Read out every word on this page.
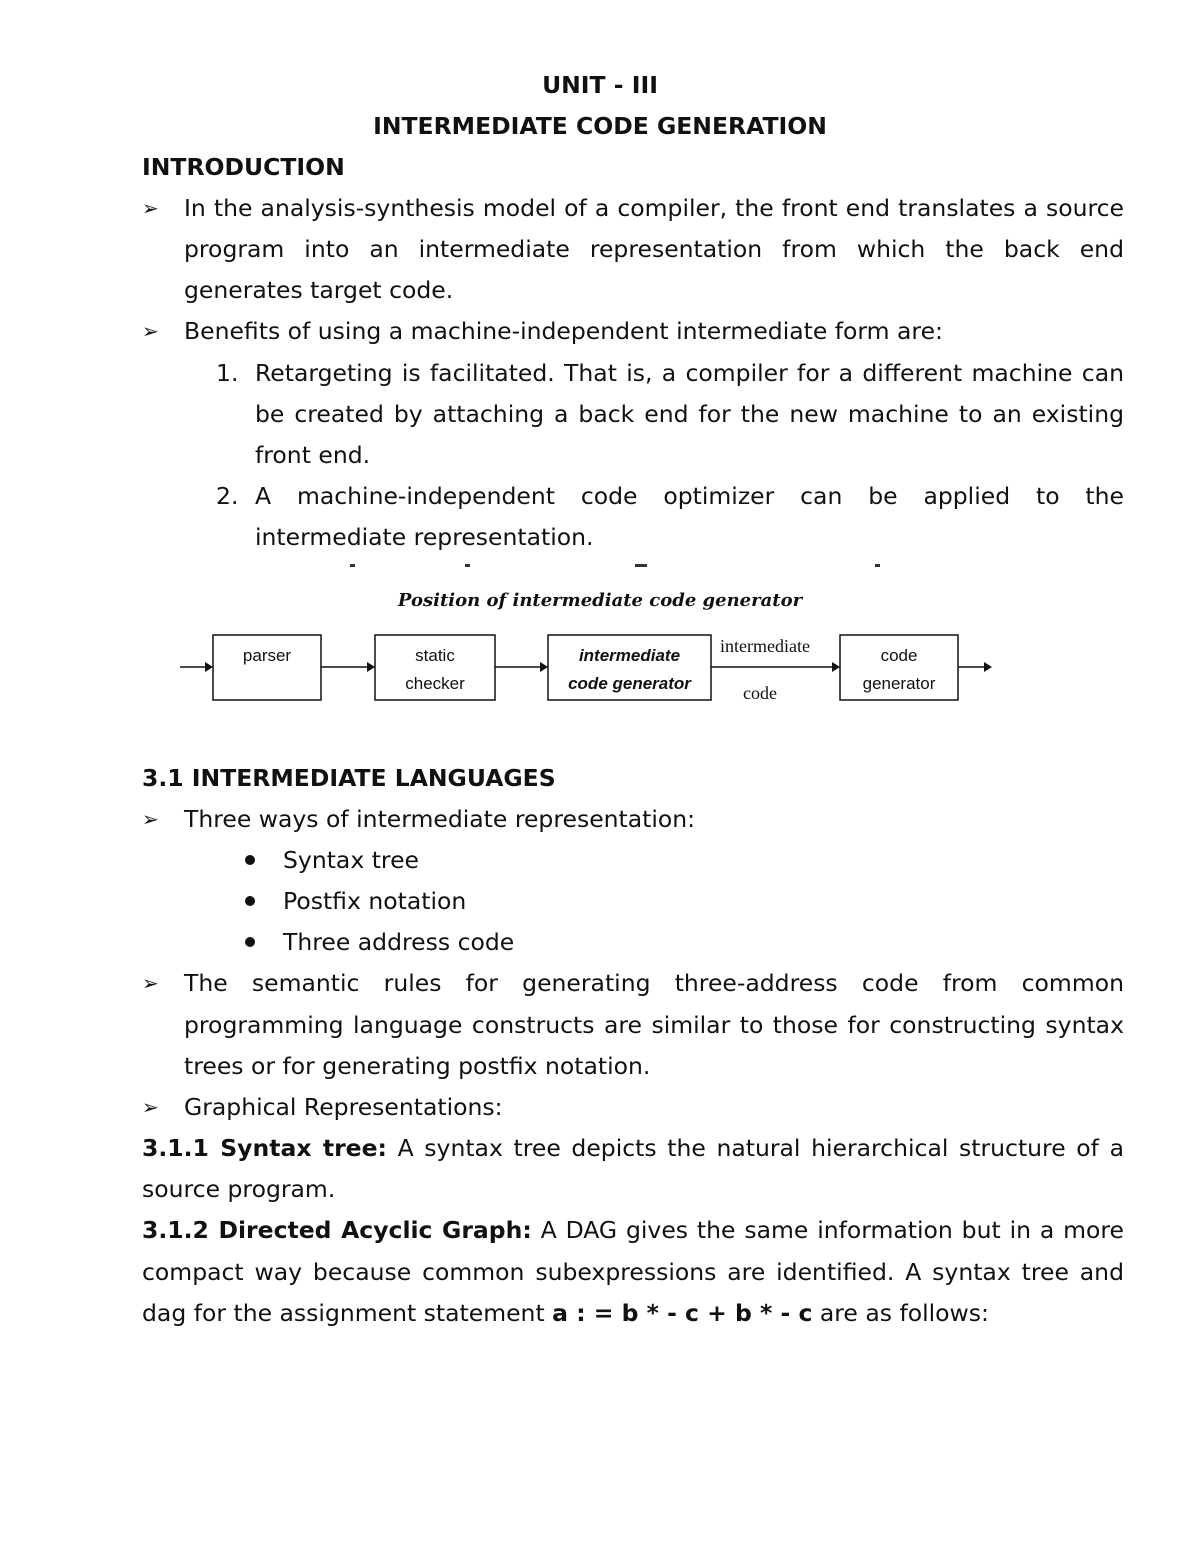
UNIT - III
INTERMEDIATE CODE GENERATION
INTRODUCTION
➢	In the analysis-synthesis model of a compiler, the front end translates a source
program into an intermediate representation from which the back end
generates target code.
➢	Benefits of using a machine-independent intermediate form are:
1. Retargeting is facilitated. That is, a compiler for a different machine can
be created by attaching a back end for the new machine to an existing
front end.
2. A machine-independent code optimizer can be applied to the
intermediate representation.
Position of intermediate code generator
parser	static
checker
intermediate
code generator
code
generator
intermediate
code
3.1 INTERMEDIATE LANGUAGES
➢	Three ways of intermediate representation:
Syntax tree
Postfix notation
Three address code
➢	The semantic rules for generating three-address code from common
programming language constructs are similar to those for constructing syntax
trees or for generating postfix notation.
➢	Graphical Representations:
3.1.1 Syntax tree: A syntax tree depicts the natural hierarchical structure of a
source program.
3.1.2 Directed Acyclic Graph: A DAG gives the same information but in a more
compact way because common subexpressions are identified. A syntax tree and
dag for the assignment statement a : = b * - c + b * - c are as follows:
